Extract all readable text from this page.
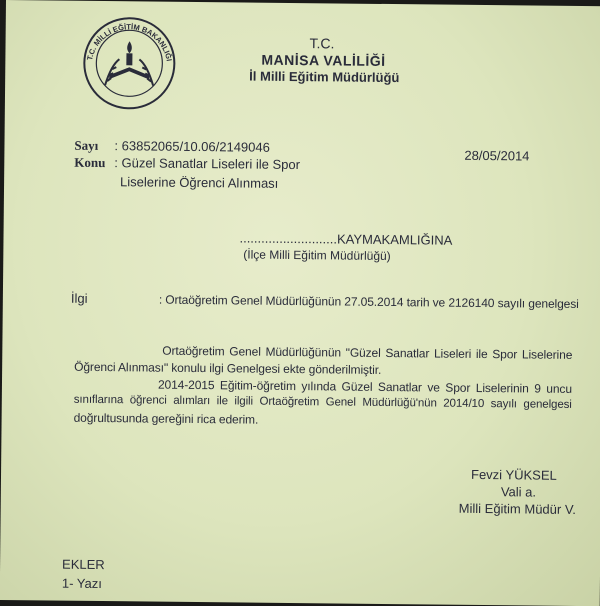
T.C. MİLLİ EĞİTİM BAKANLIĞI
T.C.
MANİSA VALİLİĞİ
İl Milli Eğitim Müdürlüğü
Sayı : 63852065/10.06/2149046
Konu : Güzel Sanatlar Liseleri ile Spor
Liselerine Öğrenci Alınması
28/05/2014
...........................KAYMAKAMLIĞINA
(İlçe Milli Eğitim Müdürlüğü)
İlgi	: Ortaöğretim Genel Müdürlüğünün 27.05.2014 tarih ve 2126140 sayılı genelgesi
Ortaöğretim Genel Müdürlüğünün "Güzel Sanatlar Liseleri ile Spor Liselerine
Öğrenci Alınması" konulu ilgi Genelgesi ekte gönderilmiştir.
2014-2015 Eğitim-öğretim yılında Güzel Sanatlar ve Spor Liselerinin 9 uncu
sınıflarına öğrenci alımları ile ilgili Ortaöğretim Genel Müdürlüğü'nün 2014/10 sayılı genelgesi
doğrultusunda gereğini rica ederim.
Fevzi YÜKSEL
Vali a.
Milli Eğitim Müdür V.
EKLER
1- Yazı
